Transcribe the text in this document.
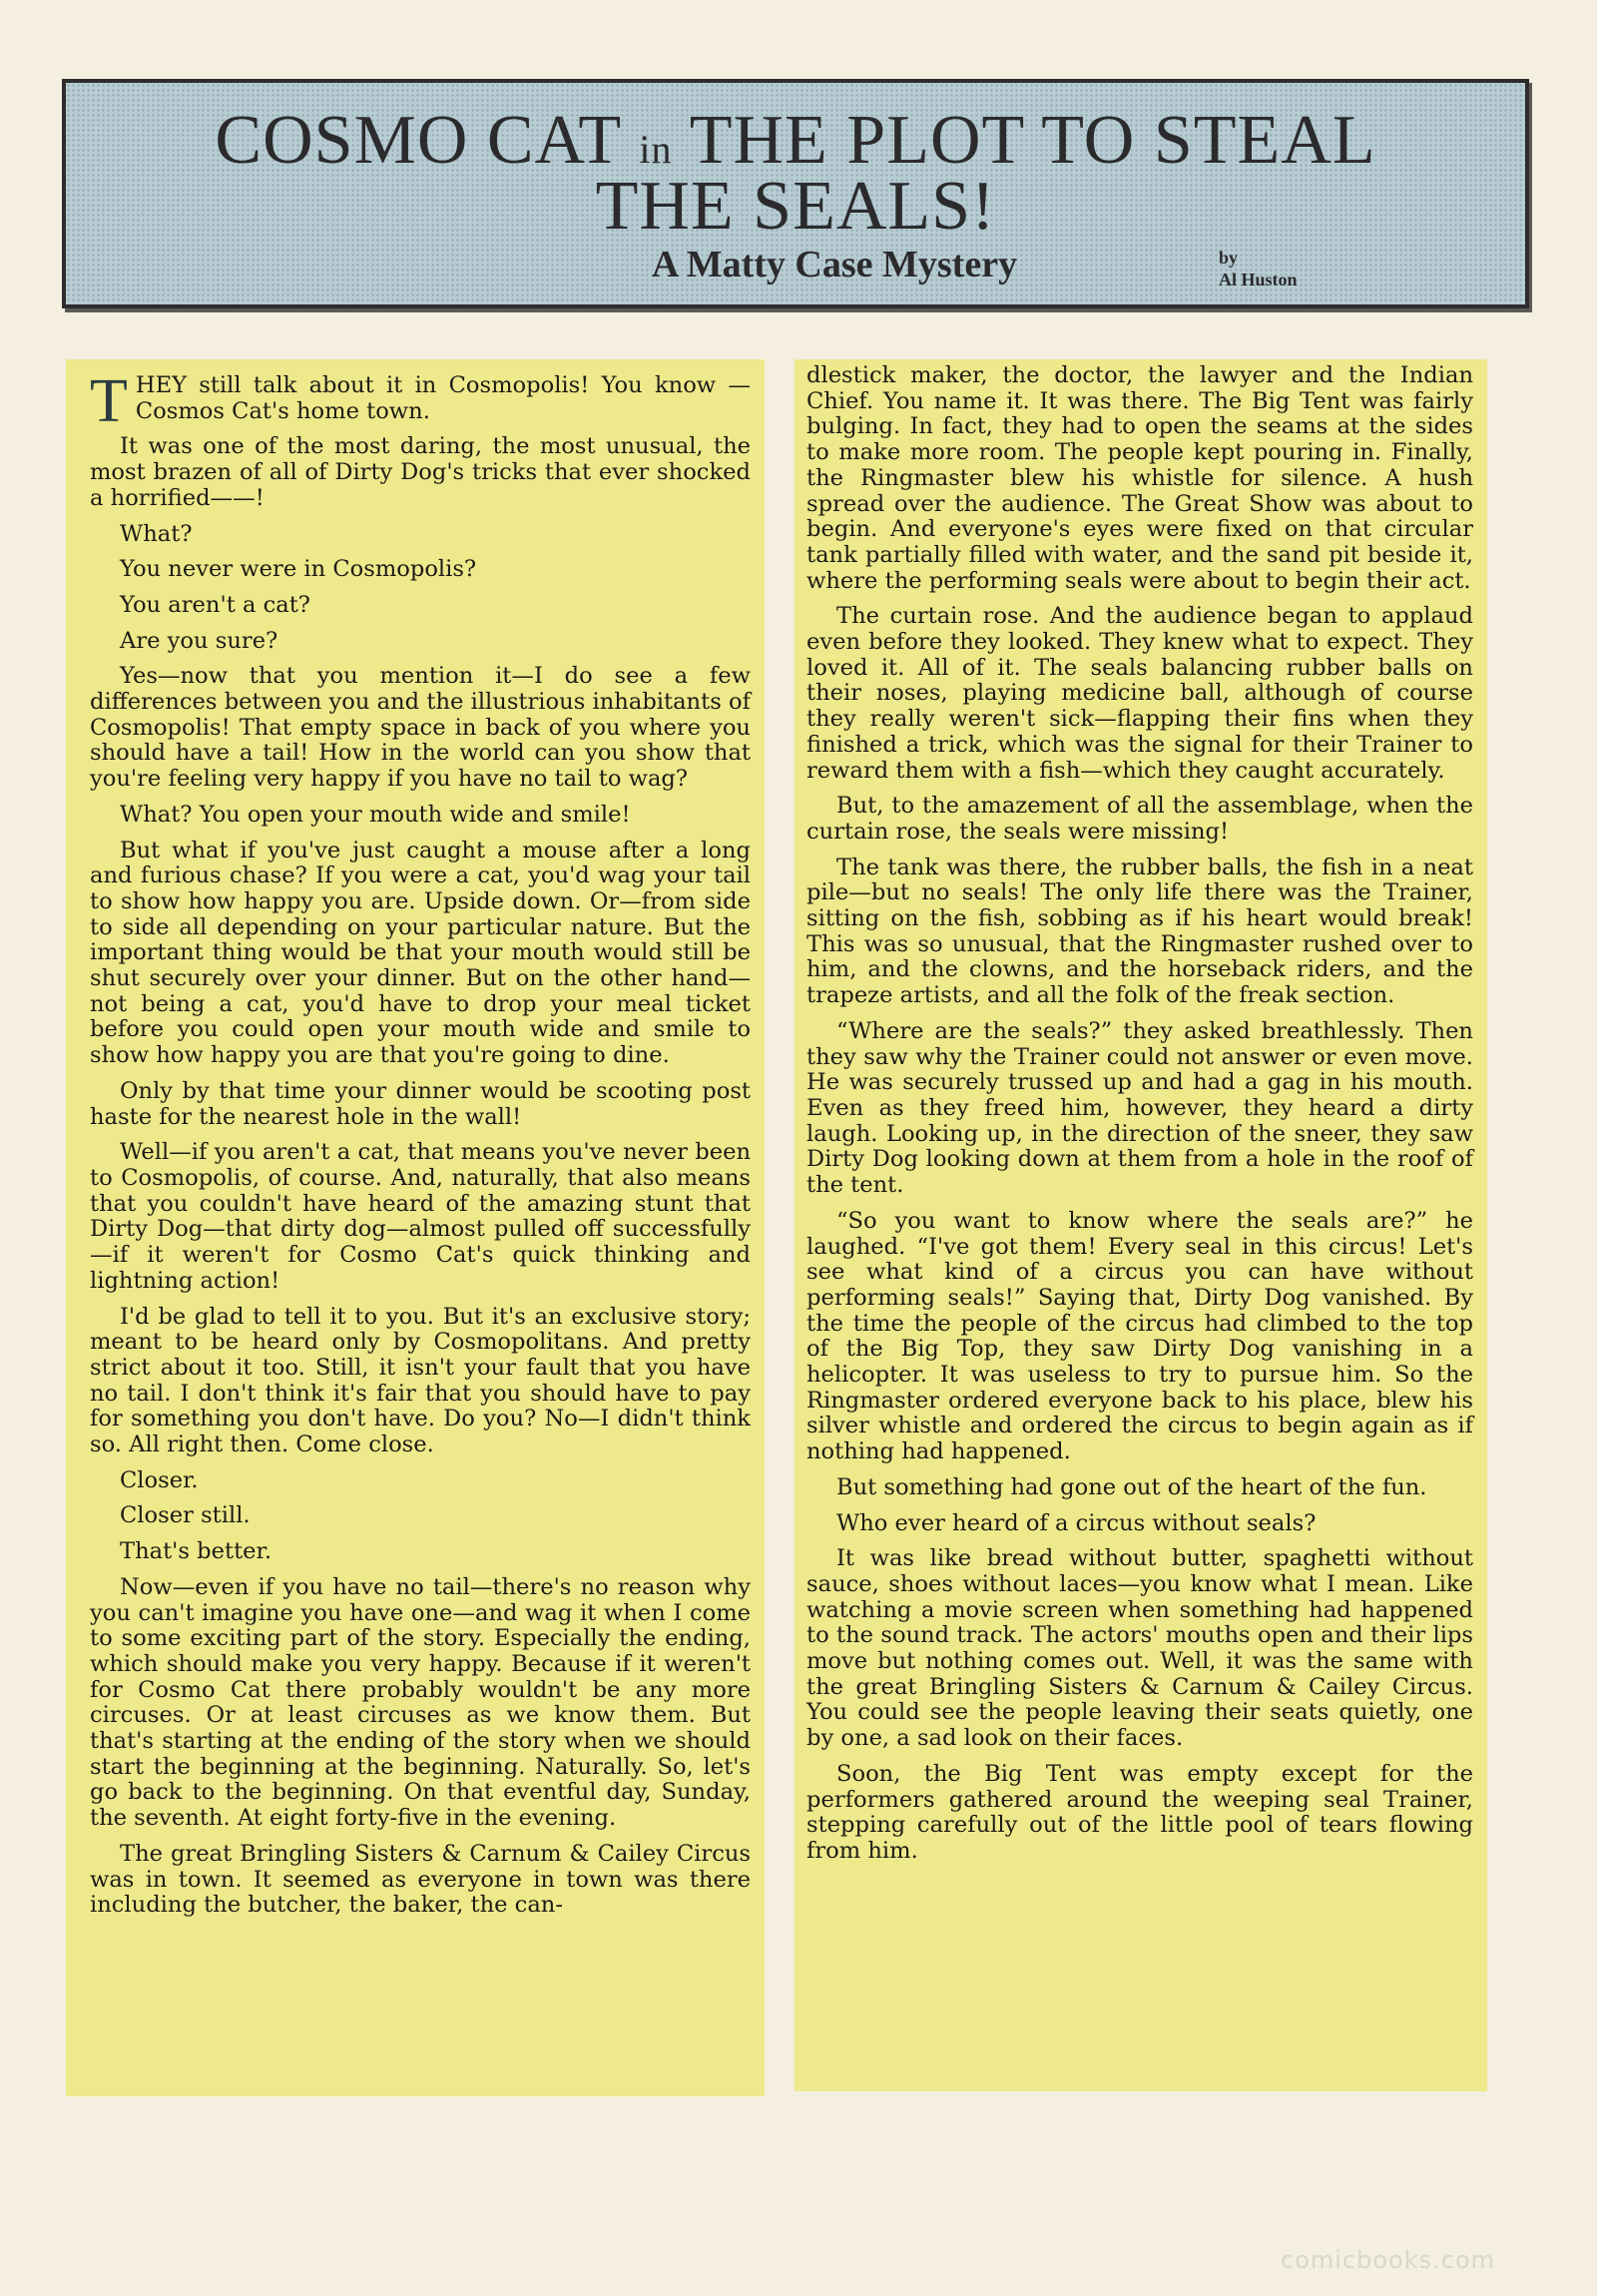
COSMO CAT in THE PLOT TO STEAL
THE SEALS!
A Matty Case Mystery	by
Al Huston

THEY still talk about it in Cosmopolis! You know —Cosmos Cat's home town.

It was one of the most daring, the most unusual, the most brazen of all of Dirty Dog's tricks that ever shocked a horrified——!

What?

You never were in Cosmopolis?

You aren't a cat?

Are you sure?

Yes—now that you mention it—I do see a few differences between you and the illustrious inhabitants of Cosmopolis! That empty space in back of you where you should have a tail! How in the world can you show that you're feeling very happy if you have no tail to wag?

What? You open your mouth wide and smile!

But what if you've just caught a mouse after a long and furious chase? If you were a cat, you'd wag your tail to show how happy you are. Upside down. Or—from side to side all depending on your particular nature. But the important thing would be that your mouth would still be shut securely over your dinner. But on the other hand—not being a cat, you'd have to drop your meal ticket before you could open your mouth wide and smile to show how happy you are that you're going to dine.

Only by that time your dinner would be scooting post haste for the nearest hole in the wall!

Well—if you aren't a cat, that means you've never been to Cosmopolis, of course. And, naturally, that also means that you couldn't have heard of the amazing stunt that Dirty Dog—that dirty dog—almost pulled off successfully—if it weren't for Cosmo Cat's quick thinking and lightning action!

I'd be glad to tell it to you. But it's an exclusive story; meant to be heard only by Cosmopolitans. And pretty strict about it too. Still, it isn't your fault that you have no tail. I don't think it's fair that you should have to pay for something you don't have. Do you? No—I didn't think so. All right then. Come close.

Closer.

Closer still.

That's better.

Now—even if you have no tail—there's no reason why you can't imagine you have one—and wag it when I come to some exciting part of the story. Especially the ending, which should make you very happy. Because if it weren't for Cosmo Cat there probably wouldn't be any more circuses. Or at least circuses as we know them. But that's starting at the ending of the story when we should start the beginning at the beginning. Naturally. So, let's go back to the beginning. On that eventful day, Sunday, the seventh. At eight forty-five in the evening.

The great Bringling Sisters & Carnum & Cailey Circus was in town. It seemed as everyone in town was there including the butcher, the baker, the can-

dlestick maker, the doctor, the lawyer and the Indian Chief. You name it. It was there. The Big Tent was fairly bulging. In fact, they had to open the seams at the sides to make more room. The people kept pouring in. Finally, the Ringmaster blew his whistle for silence. A hush spread over the audience. The Great Show was about to begin. And everyone's eyes were fixed on that circular tank partially filled with water, and the sand pit beside it, where the performing seals were about to begin their act.

The curtain rose. And the audience began to applaud even before they looked. They knew what to expect. They loved it. All of it. The seals balancing rubber balls on their noses, playing medicine ball, although of course they really weren't sick—flapping their fins when they finished a trick, which was the signal for their Trainer to reward them with a fish—which they caught accurately.

But, to the amazement of all the assemblage, when the curtain rose, the seals were missing!

The tank was there, the rubber balls, the fish in a neat pile—but no seals! The only life there was the Trainer, sitting on the fish, sobbing as if his heart would break! This was so unusual, that the Ringmaster rushed over to him, and the clowns, and the horseback riders, and the trapeze artists, and all the folk of the freak section.

“Where are the seals?” they asked breathlessly. Then they saw why the Trainer could not answer or even move. He was securely trussed up and had a gag in his mouth. Even as they freed him, however, they heard a dirty laugh. Looking up, in the direction of the sneer, they saw Dirty Dog looking down at them from a hole in the roof of the tent.

“So you want to know where the seals are?” he laughed. “I've got them! Every seal in this circus! Let's see what kind of a circus you can have without performing seals!” Saying that, Dirty Dog vanished. By the time the people of the circus had climbed to the top of the Big Top, they saw Dirty Dog vanishing in a helicopter. It was useless to try to pursue him. So the Ringmaster ordered everyone back to his place, blew his silver whistle and ordered the circus to begin again as if nothing had happened.

But something had gone out of the heart of the fun.

Who ever heard of a circus without seals?

It was like bread without butter, spaghetti without sauce, shoes without laces—you know what I mean. Like watching a movie screen when something had happened to the sound track. The actors' mouths open and their lips move but nothing comes out. Well, it was the same with the great Bringling Sisters & Carnum & Cailey Circus. You could see the people leaving their seats quietly, one by one, a sad look on their faces.

Soon, the Big Tent was empty except for the performers gathered around the weeping seal Trainer, stepping carefully out of the little pool of tears flowing from him.

comicbooks.com
